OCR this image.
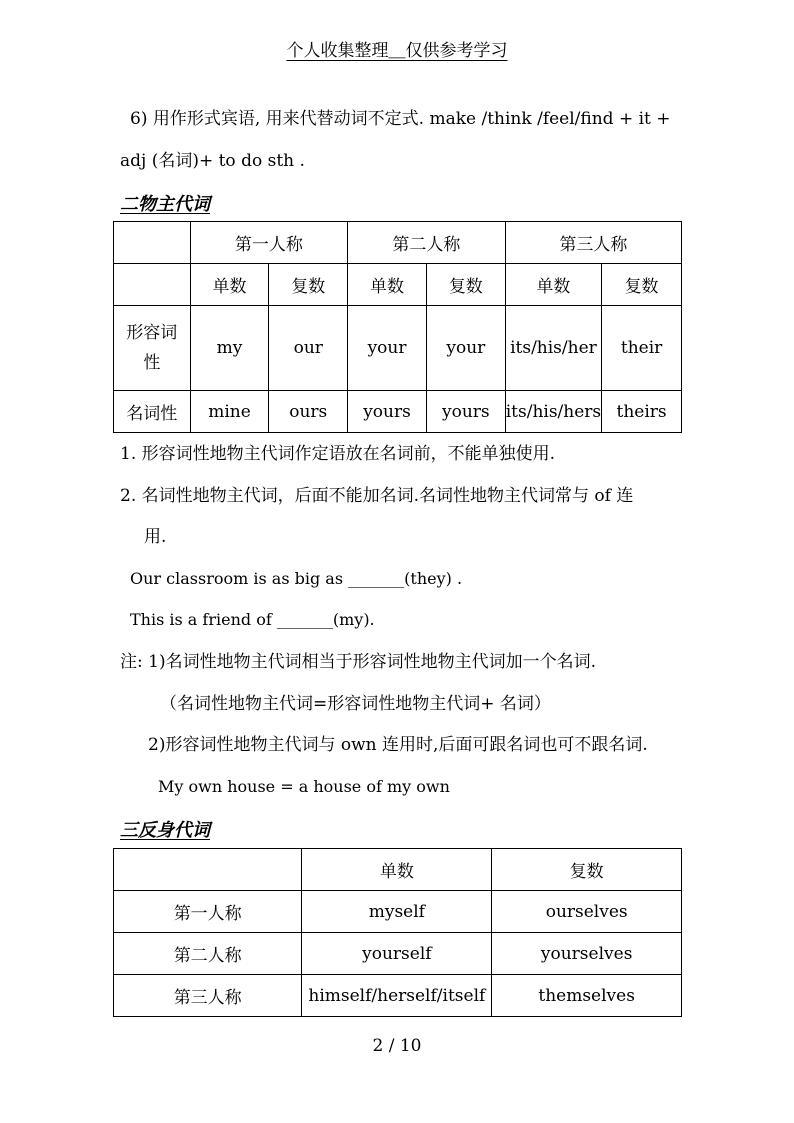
个人收集整理＿仅供参考学习
6) 用作形式宾语, 用来代替动词不定式. make /think /feel/find + it +
adj (名词)+ to do sth .
二物主代词
	第一人称		第二人称		第三人称	
	单数	复数	单数	复数	单数	复数

形容词
性	my	our	your	your	its/his/her	their
名词性	mine	ours	yours	yours	its/his/hers	theirs
1. 形容词性地物主代词作定语放在名词前，不能单独使用.
2. 名词性地物主代词，后面不能加名词.名词性地物主代词常与 of 连
用.
Our classroom is as big as _______(they) .
This is a friend of _______(my).
注: 1)名词性地物主代词相当于形容词性地物主代词加一个名词.
（名词性地物主代词=形容词性地物主代词+ 名词）
2)形容词性地物主代词与 own 连用时,后面可跟名词也可不跟名词.
My own house = a house of my own
三反身代词
	单数	复数
第一人称	myself	ourselves
第二人称	yourself	yourselves
第三人称	himself/herself/itself	themselves
2 / 10
